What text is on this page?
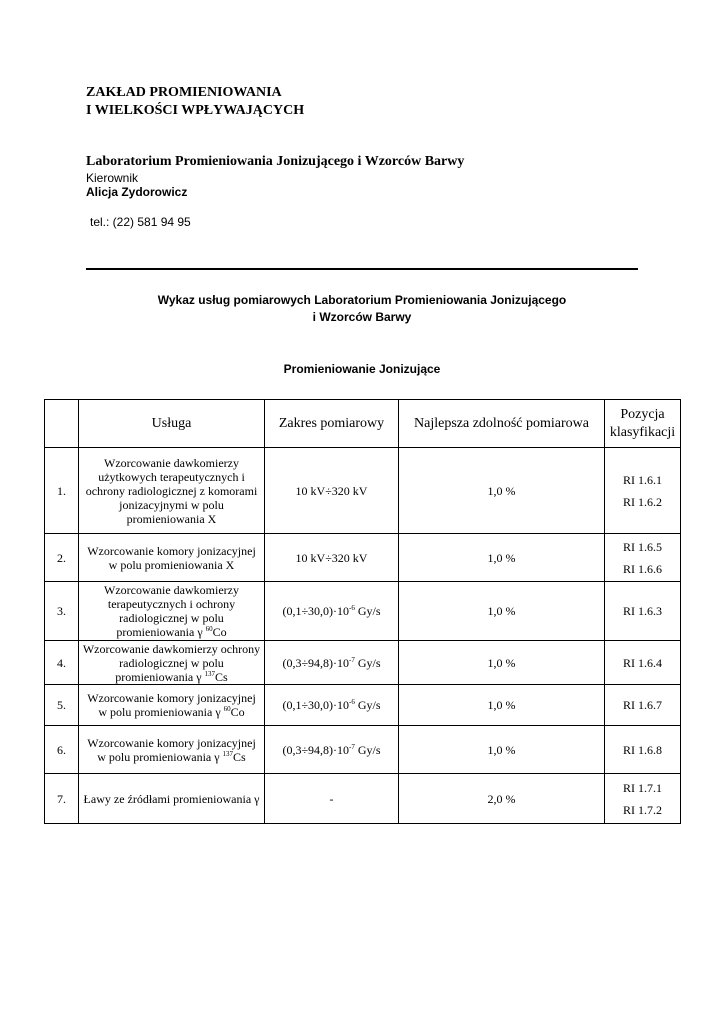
ZAKŁAD PROMIENIOWANIA
I WIELKOŚCI WPŁYWAJĄCYCH
Laboratorium Promieniowania Jonizującego i Wzorców Barwy
Kierownik
Alicja Zydorowicz
tel.: (22) 581 94 95
Wykaz usług pomiarowych Laboratorium Promieniowania Jonizującego
i Wzorców Barwy
Promieniowanie Jonizujące
	Usługa	Zakres pomiarowy	Najlepsza zdolność pomiarowa	Pozycja klasyfikacji
1.	Wzorcowanie dawkomierzy użytkowych terapeutycznych i ochrony radiologicznej z komorami jonizacyjnymi w polu promieniowania X	10 kV÷320 kV	1,0 %	RI 1.6.1
RI 1.6.2

2.	Wzorcowanie komory jonizacyjnej w polu promieniowania X	10 kV÷320 kV	1,0 %	RI 1.6.5
RI 1.6.6

3.	Wzorcowanie dawkomierzy terapeutycznych i ochrony radiologicznej w polu promieniowania γ $^{60}$Co	$(0,1\div 30,0)\cdot 10^{-6}$ Gy/s	1,0 %	RI 1.6.3

4.	Wzorcowanie dawkomierzy ochrony radiologicznej w polu promieniowania γ $^{137}$Cs	$(0,3\div 94,8)\cdot 10^{-7}$ Gy/s	1,0 %	RI 1.6.4

5.	Wzorcowanie komory jonizacyjnej w polu promieniowania γ $^{60}$Co	$(0,1\div 30,0)\cdot 10^{-6}$ Gy/s	1,0 %	RI 1.6.7

6.	Wzorcowanie komory jonizacyjnej w polu promieniowania γ $^{137}$Cs	$(0,3\div 94,8)\cdot 10^{-7}$ Gy/s	1,0 %	RI 1.6.8

7.	Ławy ze źródłami promieniowania γ	-	2,0 %	RI 1.7.1
RI 1.7.2
